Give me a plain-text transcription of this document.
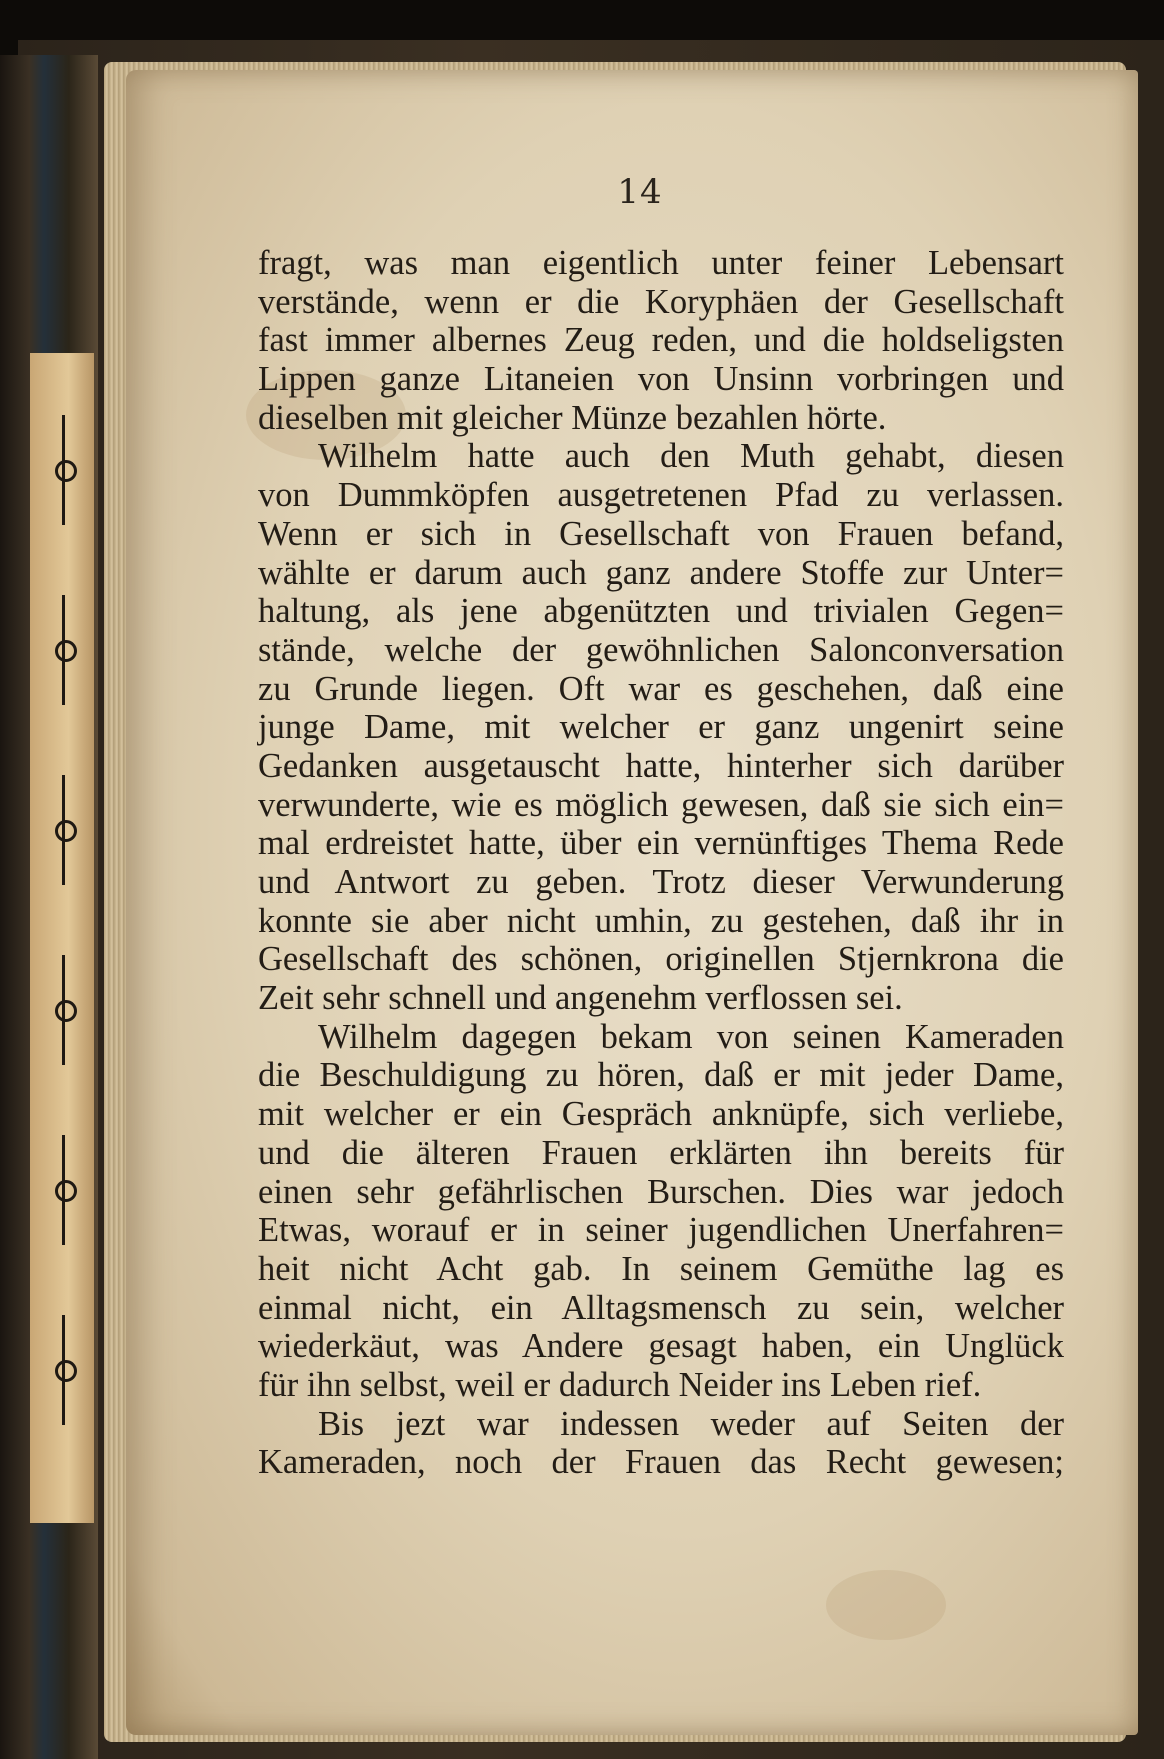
14
fragt, was man eigentlich unter feiner Lebensart
verstände, wenn er die Koryphäen der Gesellschaft
fast immer albernes Zeug reden, und die holdseligsten
Lippen ganze Litaneien von Unsinn vorbringen und
dieselben mit gleicher Münze bezahlen hörte.
Wilhelm hatte auch den Muth gehabt, diesen
von Dummköpfen ausgetretenen Pfad zu verlassen.
Wenn er sich in Gesellschaft von Frauen befand,
wählte er darum auch ganz andere Stoffe zur Unter=
haltung, als jene abgenützten und trivialen Gegen=
stände, welche der gewöhnlichen Salonconversation
zu Grunde liegen. Oft war es geschehen, daß eine
junge Dame, mit welcher er ganz ungenirt seine
Gedanken ausgetauscht hatte, hinterher sich darüber
verwunderte, wie es möglich gewesen, daß sie sich ein=
mal erdreistet hatte, über ein vernünftiges Thema Rede
und Antwort zu geben. Trotz dieser Verwunderung
konnte sie aber nicht umhin, zu gestehen, daß ihr in
Gesellschaft des schönen, originellen Stjernkrona die
Zeit sehr schnell und angenehm verflossen sei.
Wilhelm dagegen bekam von seinen Kameraden
die Beschuldigung zu hören, daß er mit jeder Dame,
mit welcher er ein Gespräch anknüpfe, sich verliebe,
und die älteren Frauen erklärten ihn bereits für
einen sehr gefährlischen Burschen. Dies war jedoch
Etwas, worauf er in seiner jugendlichen Unerfahren=
heit nicht Acht gab. In seinem Gemüthe lag es
einmal nicht, ein Alltagsmensch zu sein, welcher
wiederkäut, was Andere gesagt haben, ein Unglück
für ihn selbst, weil er dadurch Neider ins Leben rief.
Bis jezt war indessen weder auf Seiten der
Kameraden, noch der Frauen das Recht gewesen;
